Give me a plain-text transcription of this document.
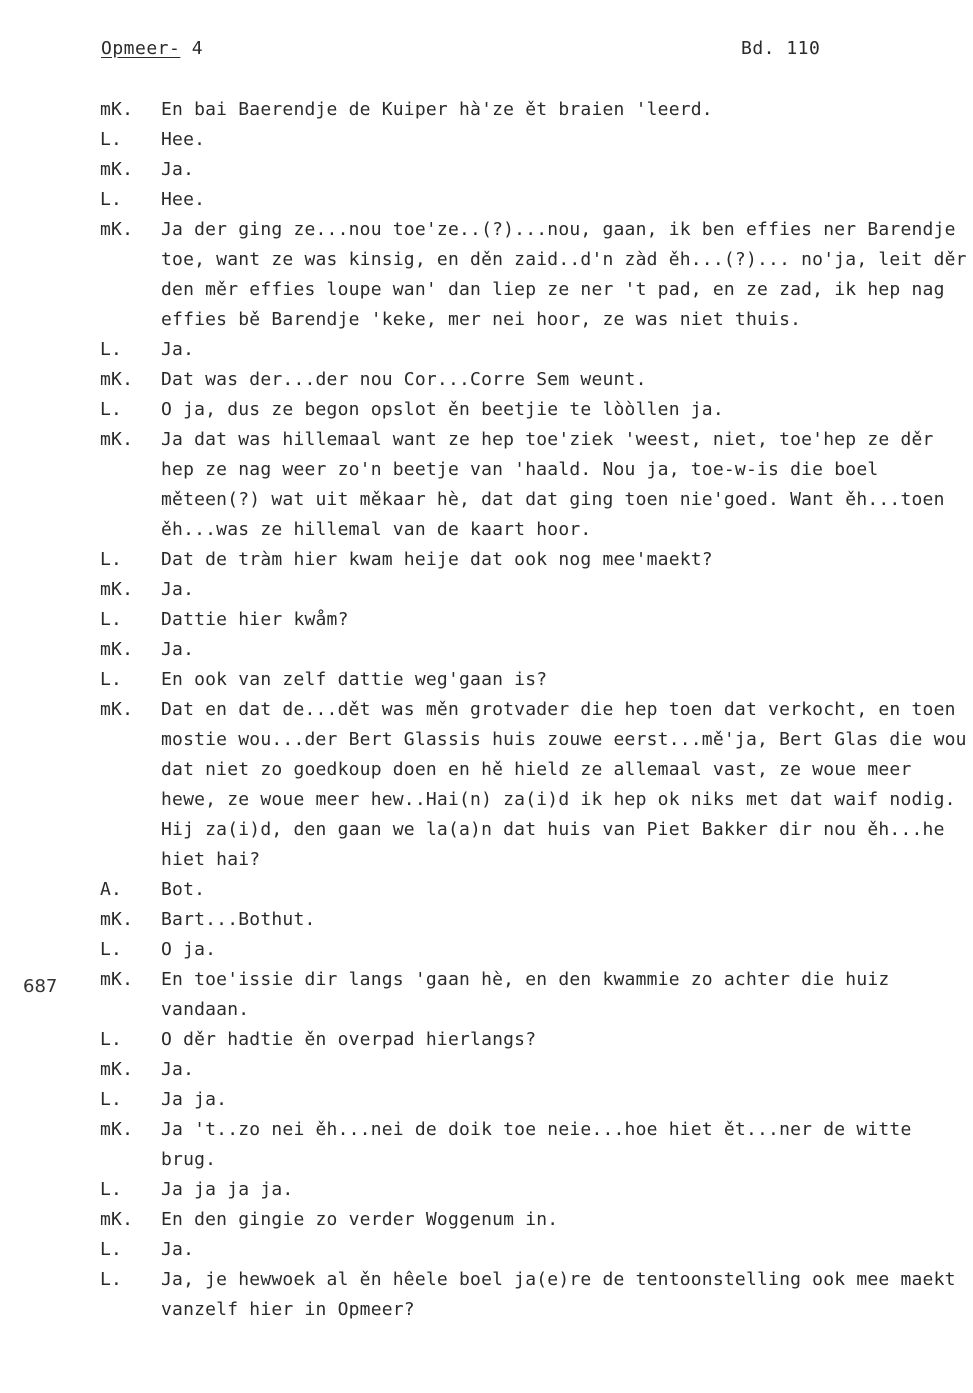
Opmeer- 4	Bd. 110
687
mK.	En bai Baerendje de Kuiper hà'ze ět braien 'leerd.
L.	Hee.
mK.	Ja.
L.	Hee.
mK.	Ja der ging ze...nou toe'ze..(?)...nou, gaan, ik ben effies ner Barendje toe, want ze was kinsig, en děn zaid..d'n zàd ěh...(?)... no'ja, leit děr den měr effies loupe wan' dan liep ze ner 't pad, en ze zad, ik hep nag effies bě Barendje 'keke, mer nei hoor, ze was niet thuis.
L.	Ja.
mK.	Dat was der...der nou Cor...Corre Sem weunt.
L.	O ja, dus ze begon opslot ěn beetjie te lòòllen ja.
mK.	Ja dat was hillemaal want ze hep toe'ziek 'weest, niet, toe'hep ze děr hep ze nag weer zo'n beetje van 'haald. Nou ja, toe-w-is die boel měteen(?) wat uit měkaar hè, dat dat ging toen nie'goed. Want ěh...toen ěh...was ze hillemal van de kaart hoor.
L.	Dat de tràm hier kwam heije dat ook nog mee'maekt?
mK.	Ja.
L.	Dattie hier kwåm?
mK.	Ja.
L.	En ook van zelf dattie weg'gaan is?
mK.	Dat en dat de...dět was měn grotvader die hep toen dat verkocht, en toen mostie wou...der Bert Glassis huis zouwe eerst...mě'ja, Bert Glas die wou dat niet zo goedkoup doen en hě hield ze allemaal vast, ze woue meer hewe, ze woue meer hew..Hai(n) za(i)d ik hep ok niks met dat waif nodig. Hij za(i)d, den gaan we la(a)n dat huis van Piet Bakker dir nou ěh...he hiet hai?
A.	Bot.
mK.	Bart...Bothut.
L.	O ja.
mK.	En toe'issie dir langs 'gaan hè, en den kwammie zo achter die huiz vandaan.
L.	O děr hadtie ěn overpad hierlangs?
mK.	Ja.
L.	Ja ja.
mK.	Ja 't..zo nei ěh...nei de doik toe neie...hoe hiet ět...ner de witte brug.
L.	Ja ja ja ja.
mK.	En den gingie zo verder Woggenum in.
L.	Ja.
L.	Ja, je hewwoek al ěn hêele boel ja(e)re de tentoonstelling ook mee maekt vanzelf hier in Opmeer?
